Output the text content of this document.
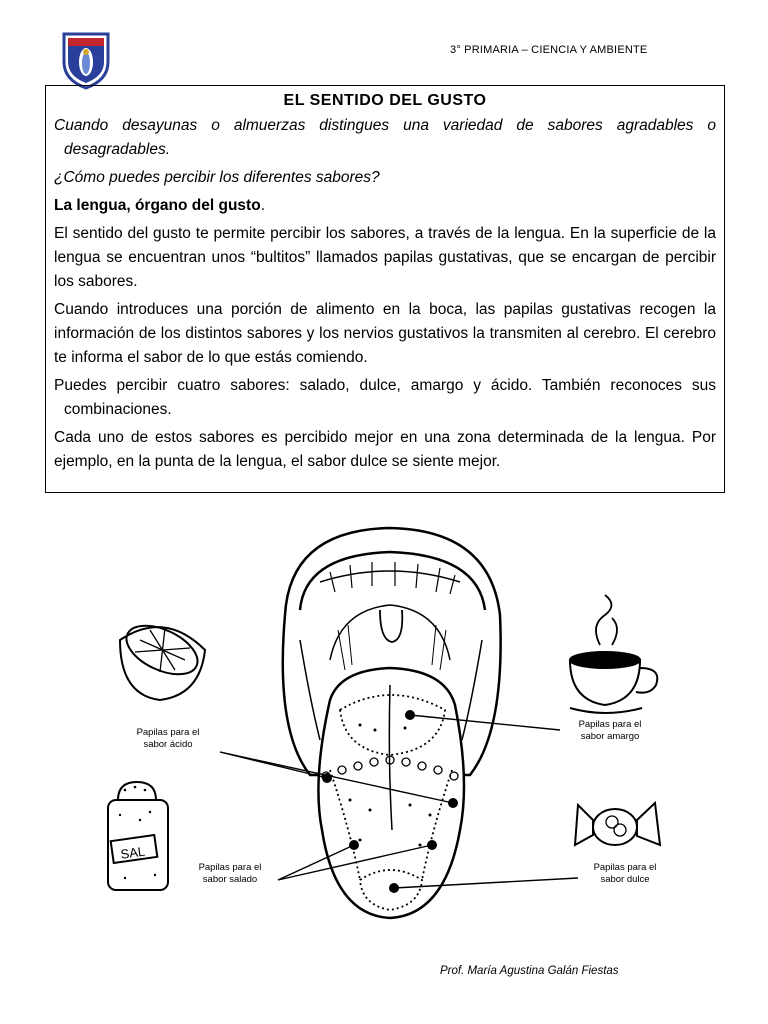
3° PRIMARIA – CIENCIA Y AMBIENTE
EL SENTIDO DEL GUSTO

Cuando desayunas o almuerzas distingues una variedad de sabores agradables o desagradables.

¿Cómo puedes percibir los diferentes sabores?

La lengua, órgano del gusto.

El sentido del gusto te permite percibir los sabores, a través de la lengua. En la superficie de la lengua se encuentran unos “bultitos” llamados papilas gustativas, que se encargan de percibir los sabores.

Cuando introduces una porción de alimento en la boca, las papilas gustativas recogen la información de los distintos sabores y los nervios gustativos la transmiten al cerebro. El cerebro te informa el sabor de lo que estás comiendo.

Puedes percibir cuatro sabores: salado, dulce, amargo y ácido. También reconoces sus combinaciones.

Cada uno de estos sabores es percibido mejor en una zona determinada de la lengua. Por ejemplo, en la punta de la lengua, el sabor dulce se siente mejor.

SAL
Papilas para el
sabor ácido
Papilas para el
sabor amargo
Papilas para el
sabor salado
Papilas para el
sabor dulce
Prof. María Agustina Galán Fiestas
